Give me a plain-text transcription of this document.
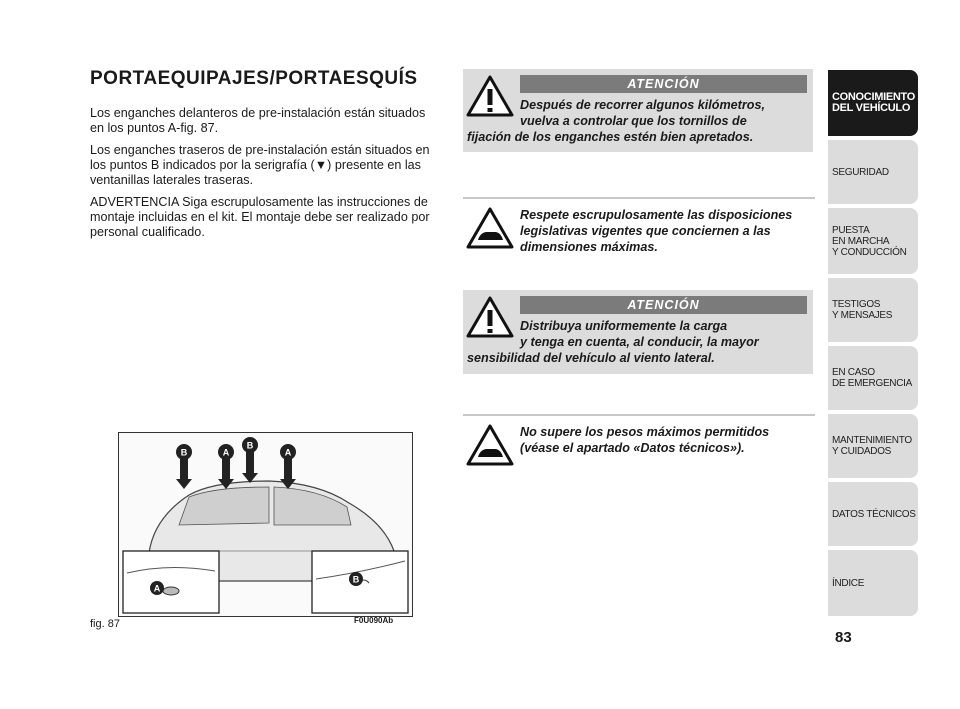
PORTAEQUIPAJES/PORTAESQUÍS

Los enganches delanteros de pre-instalación están situados en los puntos A-fig. 87.

Los enganches traseros de pre-instalación están situados en los puntos B indicados por la serigrafía (▼) presente en las ventanillas laterales traseras.

ADVERTENCIA Siga escrupulosamente las instrucciones de montaje incluidas en el kit. El montaje debe ser realizado por personal cualificado.

B	A
B
A
A
B
fig. 87	F0U090Ab
ATENCIÓN
Después de recorrer algunos kilómetros,
vuelva a controlar que los tornillos de
fijación de los enganches estén bien apretados.
Respete escrupulosamente las disposiciones
legislativas vigentes que conciernen a las
dimensiones máximas.
ATENCIÓN
Distribuya uniformemente la carga
y tenga en cuenta, al conducir, la mayor
sensibilidad del vehículo al viento lateral.
No supere los pesos máximos permitidos
(véase el apartado «Datos técnicos»).
CONOCIMIENTO
DEL VEHÍCULO
SEGURIDAD
PUESTA
EN MARCHA
Y CONDUCCIÓN
TESTIGOS
Y MENSAJES
EN CASO
DE EMERGENCIA
MANTENIMIENTO
Y CUIDADOS
DATOS TÉCNICOS
ÍNDICE
83
